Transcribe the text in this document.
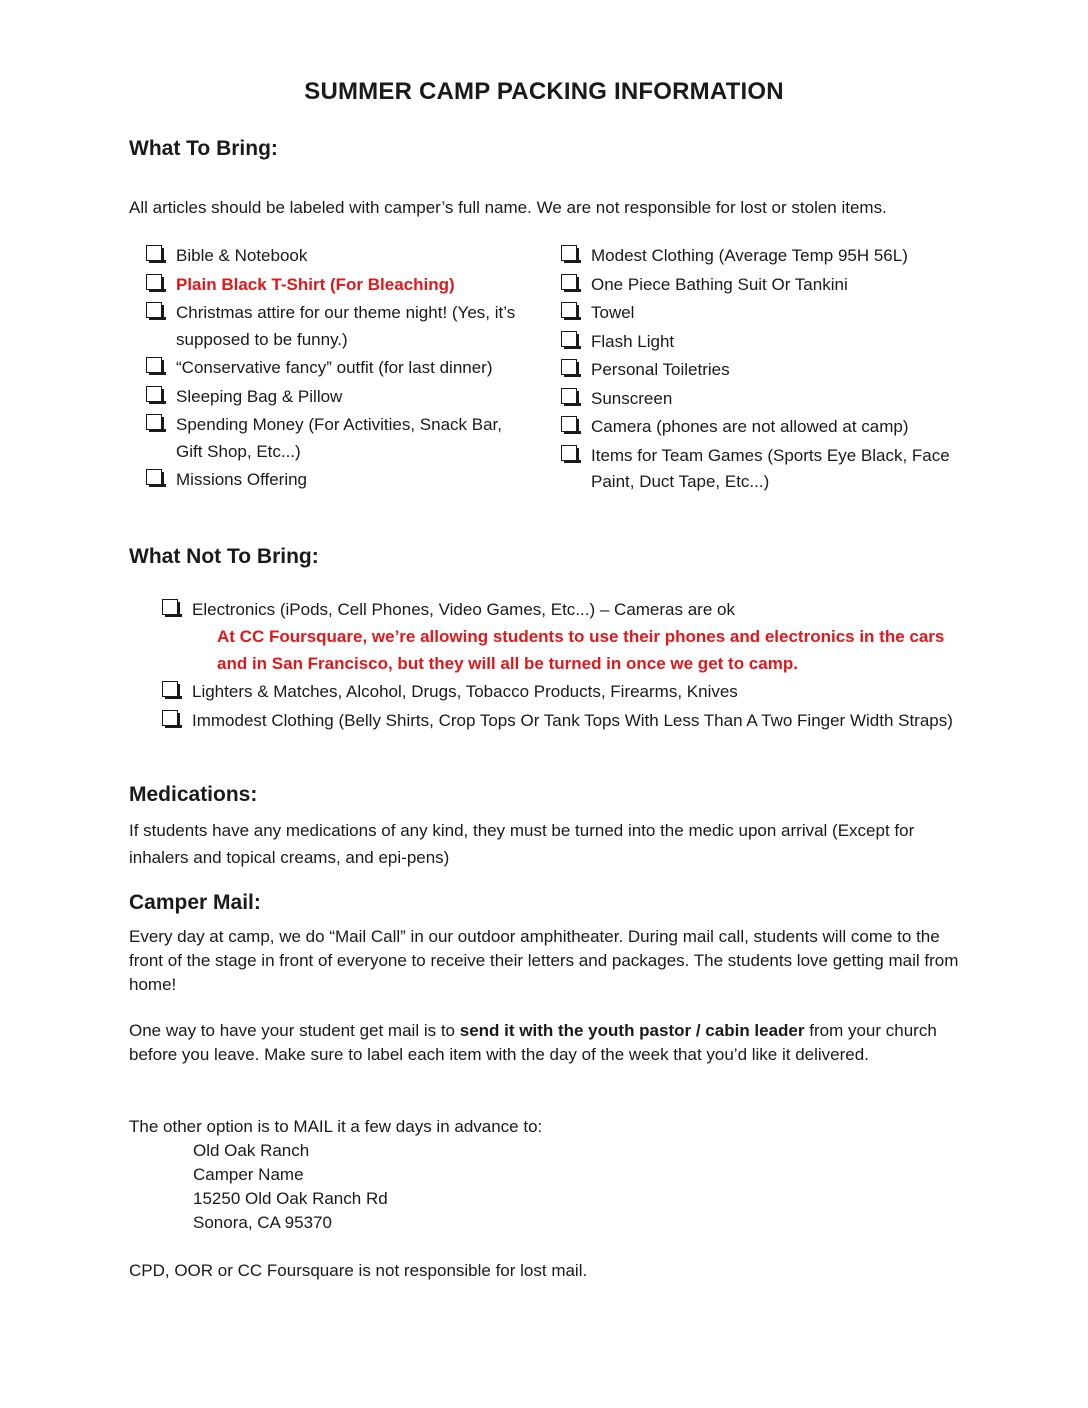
SUMMER CAMP PACKING INFORMATION
What To Bring:
All articles should be labeled with camper’s full name. We are not responsible for lost or stolen items.
Bible & Notebook
Plain Black T-Shirt (For Bleaching)
Christmas attire for our theme night! (Yes, it’s supposed to be funny.)
“Conservative fancy” outfit (for last dinner)
Sleeping Bag & Pillow
Spending Money (For Activities, Snack Bar, Gift Shop, Etc...)
Missions Offering
Modest Clothing (Average Temp 95H 56L)
One Piece Bathing Suit Or Tankini
Towel
Flash Light
Personal Toiletries
Sunscreen
Camera (phones are not allowed at camp)
Items for Team Games (Sports Eye Black, Face Paint, Duct Tape, Etc...)
What Not To Bring:
Electronics (iPods, Cell Phones, Video Games, Etc...) – Cameras are ok
At CC Foursquare, we’re allowing students to use their phones and electronics in the cars and in San Francisco, but they will all be turned in once we get to camp.
Lighters & Matches, Alcohol, Drugs, Tobacco Products, Firearms, Knives
Immodest Clothing (Belly Shirts, Crop Tops Or Tank Tops With Less Than A Two Finger Width Straps)
Medications:
If students have any medications of any kind, they must be turned into the medic upon arrival (Except for inhalers and topical creams, and epi-pens)
Camper Mail:
Every day at camp, we do “Mail Call” in our outdoor amphitheater. During mail call, students will come to the front of the stage in front of everyone to receive their letters and packages. The students love getting mail from home!
One way to have your student get mail is to send it with the youth pastor / cabin leader from your church before you leave. Make sure to label each item with the day of the week that you’d like it delivered.
The other option is to MAIL it a few days in advance to:
Old Oak Ranch
Camper Name
15250 Old Oak Ranch Rd
Sonora, CA 95370
CPD, OOR or CC Foursquare is not responsible for lost mail.
